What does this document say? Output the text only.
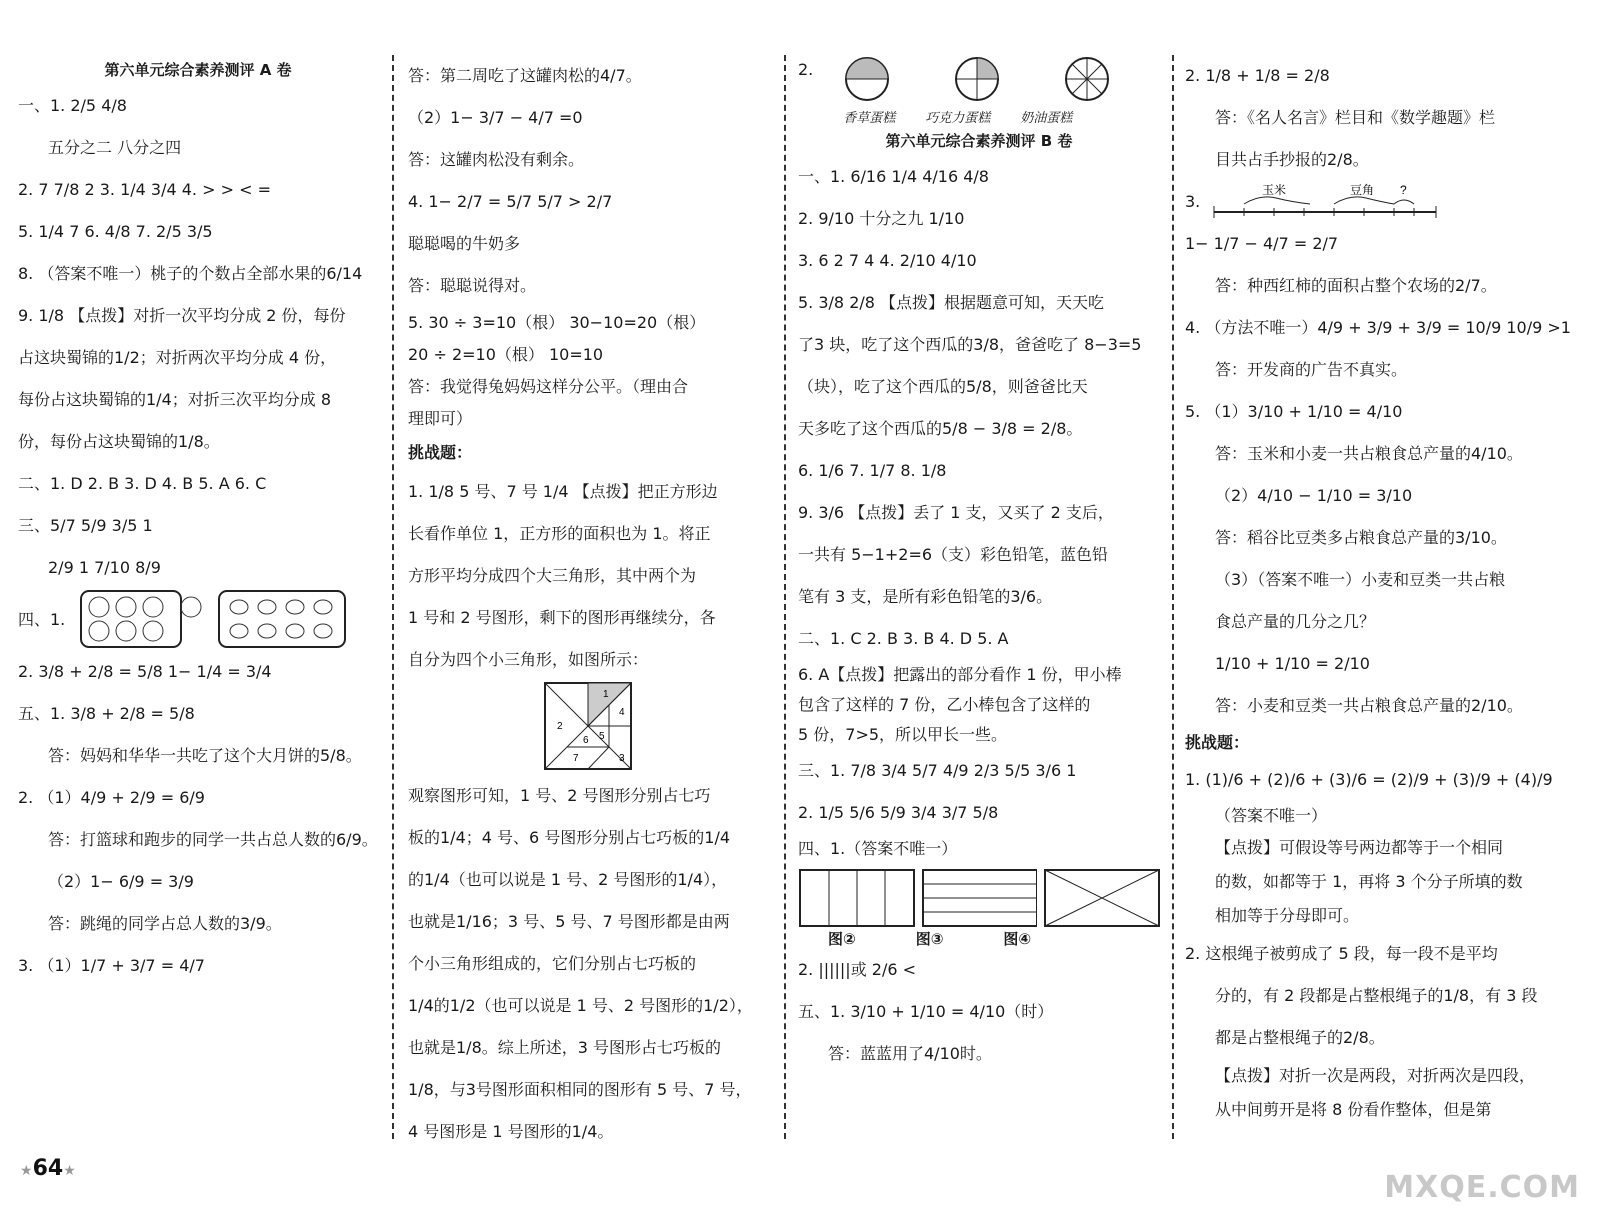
第六单元综合素养测评 A 卷
一、1. 2/5 4/8
五分之二 八分之四
2. 7 7/8 2 3. 1/4 3/4 4. > > < =
5. 1/4 7 6. 4/8 7. 2/5 3/5
8. （答案不唯一）桃子的个数占全部水果的6/14
9. 1/8 【点拨】对折一次平均分成 2 份，每份
占这块蜀锦的1/2；对折两次平均分成 4 份，
每份占这块蜀锦的1/4；对折三次平均分成 8
份，每份占这块蜀锦的1/8。
二、1. D 2. B 3. D 4. B 5. A 6. C
三、5/7 5/9 3/5 1
2/9 1 7/10 8/9
四、1.
2. 3/8 + 2/8 = 5/8 1− 1/4 = 3/4
五、1. 3/8 + 2/8 = 5/8
答：妈妈和华华一共吃了这个大月饼的5/8。
2. （1）4/9 + 2/9 = 6/9
答：打篮球和跑步的同学一共占总人数的6/9。
（2）1− 6/9 = 3/9
答：跳绳的同学占总人数的3/9。
3. （1）1/7 + 3/7 = 4/7
★64★
答：第二周吃了这罐肉松的4/7。
（2）1− 3/7 − 4/7 =0
答：这罐肉松没有剩余。
4. 1− 2/7 = 5/7 5/7 > 2/7
聪聪喝的牛奶多
答：聪聪说得对。
5. 30 ÷ 3=10（根） 30−10=20（根）
20 ÷ 2=10（根） 10=10
答：我觉得兔妈妈这样分公平。（理由合
理即可）
挑战题：
1. 1/8 5 号、7 号 1/4 【点拨】把正方形边
长看作单位 1，正方形的面积也为 1。将正
方形平均分成四个大三角形，其中两个为
1 号和 2 号图形，剩下的图形再继续分，各
自分为四个小三角形，如图所示：
1
2
3
4
5
6
7
观察图形可知，1 号、2 号图形分别占七巧
板的1/4；4 号、6 号图形分别占七巧板的1/4
的1/4（也可以说是 1 号、2 号图形的1/4），
也就是1/16；3 号、5 号、7 号图形都是由两
个小三角形组成的，它们分别占七巧板的
1/4的1/2（也可以说是 1 号、2 号图形的1/2），
也就是1/8。综上所述，3 号图形占七巧板的
1/8，与3号图形面积相同的图形有 5 号、7 号，
4 号图形是 1 号图形的1/4。
2.
香草蛋糕 巧克力蛋糕 奶油蛋糕
第六单元综合素养测评 B 卷
一、1. 6/16 1/4 4/16 4/8
2. 9/10 十分之九 1/10
3. 6 2 7 4 4. 2/10 4/10
5. 3/8 2/8 【点拨】根据题意可知，天天吃
了3 块，吃了这个西瓜的3/8，爸爸吃了 8−3=5
（块），吃了这个西瓜的5/8，则爸爸比天
天多吃了这个西瓜的5/8 − 3/8 = 2/8。
6. 1/6 7. 1/7 8. 1/8
9. 3/6 【点拨】丢了 1 支，又买了 2 支后，
一共有 5−1+2=6（支）彩色铅笔，蓝色铅
笔有 3 支，是所有彩色铅笔的3/6。
二、1. C 2. B 3. B 4. D 5. A
6. A【点拨】把露出的部分看作 1 份，甲小棒
包含了这样的 7 份，乙小棒包含了这样的
5 份，7>5，所以甲长一些。
三、1. 7/8 3/4 5/7 4/9 2/3 5/5 3/6 1
2. 1/5 5/6 5/9 3/4 3/7 5/8
四、1.（答案不唯一）
图②	图③	图④
2. ||||||或 2/6 <
五、1. 3/10 + 1/10 = 4/10（时）
答：蓝蓝用了4/10时。
2. 1/8 + 1/8 = 2/8
答：《名人名言》栏目和《数学趣题》栏
目共占手抄报的2/8。
3.
玉米	豆角 ?
1− 1/7 − 4/7 = 2/7
答：种西红柿的面积占整个农场的2/7。
4. （方法不唯一）4/9 + 3/9 + 3/9 = 10/9 10/9 >1
答：开发商的广告不真实。
5. （1）3/10 + 1/10 = 4/10
答：玉米和小麦一共占粮食总产量的4/10。
（2）4/10 − 1/10 = 3/10
答：稻谷比豆类多占粮食总产量的3/10。
（3）（答案不唯一）小麦和豆类一共占粮
食总产量的几分之几？
1/10 + 1/10 = 2/10
答：小麦和豆类一共占粮食总产量的2/10。
挑战题：
1. (1)/6 + (2)/6 + (3)/6 = (2)/9 + (3)/9 + (4)/9
（答案不唯一）
【点拨】可假设等号两边都等于一个相同
的数，如都等于 1，再将 3 个分子所填的数
相加等于分母即可。
2. 这根绳子被剪成了 5 段，每一段不是平均
分的，有 2 段都是占整根绳子的1/8，有 3 段
都是占整根绳子的2/8。
【点拨】对折一次是两段，对折两次是四段，
从中间剪开是将 8 份看作整体，但是第
MXQE.COM
